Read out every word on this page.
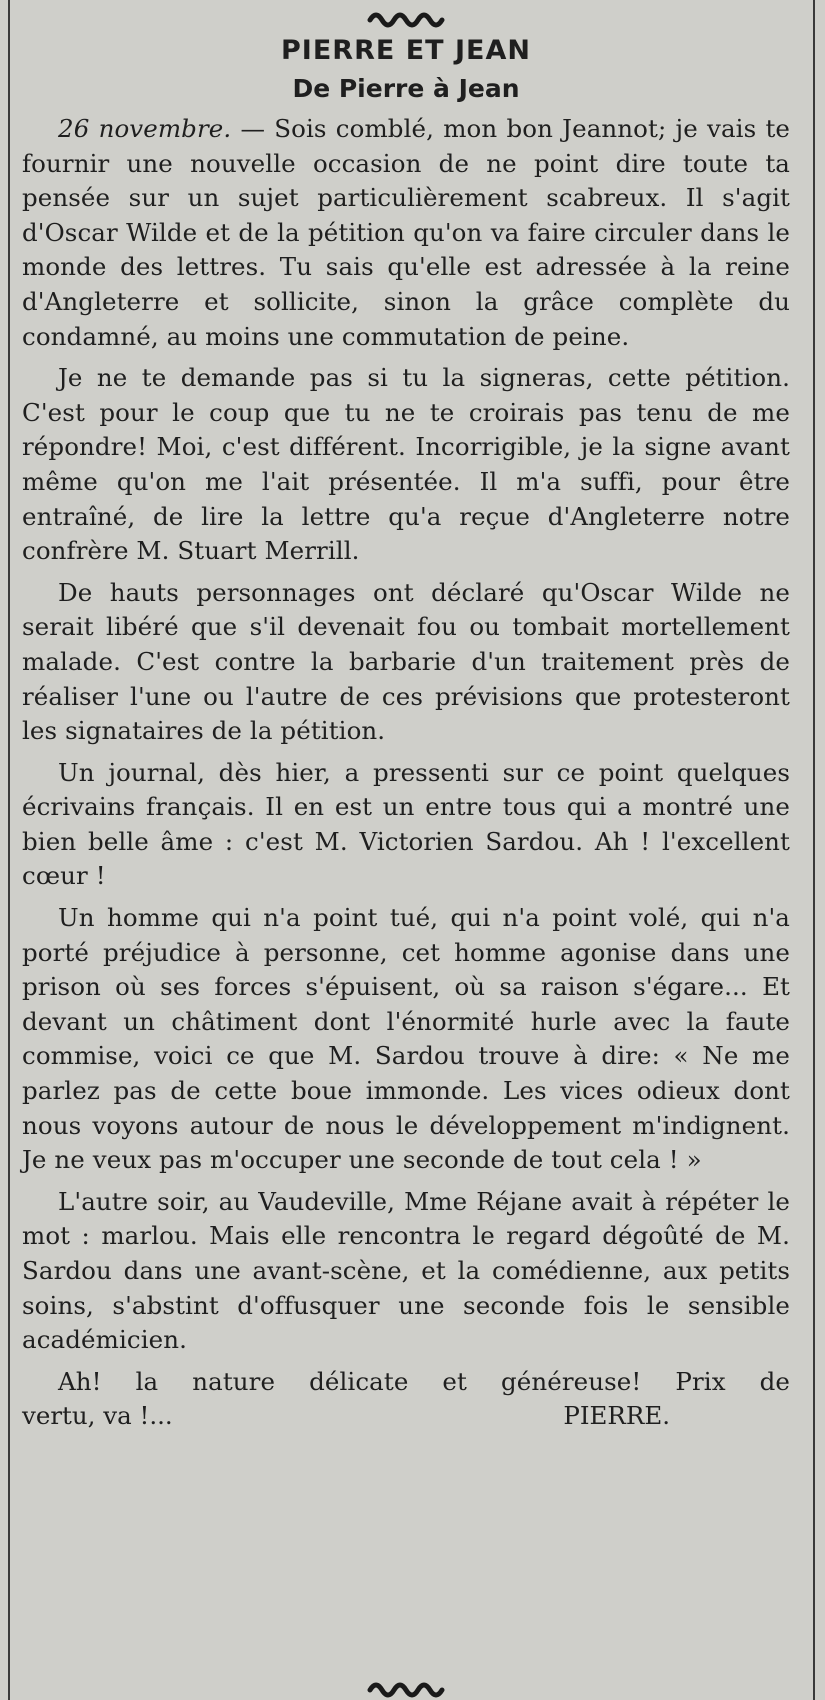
PIERRE ET JEAN
De Pierre à Jean

26 novembre. — Sois comblé, mon bon Jeannot; je vais te fournir une nouvelle occasion de ne point dire toute ta pensée sur un sujet particulièrement scabreux. Il s'agit d'Oscar Wilde et de la pétition qu'on va faire circuler dans le monde des lettres. Tu sais qu'elle est adressée à la reine d'Angleterre et sollicite, sinon la grâce complète du condamné, au moins une commutation de peine.

Je ne te demande pas si tu la signeras, cette pétition. C'est pour le coup que tu ne te croirais pas tenu de me répondre! Moi, c'est différent. Incorrigible, je la signe avant même qu'on me l'ait présentée. Il m'a suffi, pour être entraîné, de lire la lettre qu'a reçue d'Angleterre notre confrère M. Stuart Merrill.

De hauts personnages ont déclaré qu'Oscar Wilde ne serait libéré que s'il devenait fou ou tombait mortellement malade. C'est contre la barbarie d'un traitement près de réaliser l'une ou l'autre de ces prévisions que protesteront les signataires de la pétition.

Un journal, dès hier, a pressenti sur ce point quelques écrivains français. Il en est un entre tous qui a montré une bien belle âme : c'est M. Victorien Sardou. Ah ! l'excellent cœur !

Un homme qui n'a point tué, qui n'a point volé, qui n'a porté préjudice à personne, cet homme agonise dans une prison où ses forces s'épuisent, où sa raison s'égare... Et devant un châtiment dont l'énormité hurle avec la faute commise, voici ce que M. Sardou trouve à dire: « Ne me parlez pas de cette boue immonde. Les vices odieux dont nous voyons autour de nous le développement m'indignent. Je ne veux pas m'occuper une seconde de tout cela ! »

L'autre soir, au Vaudeville, Mme Réjane avait à répéter le mot : marlou. Mais elle rencontra le regard dégoûté de M. Sardou dans une avant-scène, et la comédienne, aux petits soins, s'abstint d'offusquer une seconde fois le sensible académicien.

Ah! la nature délicate et généreuse! Prix de

vertu, va !...	PIERRE.
